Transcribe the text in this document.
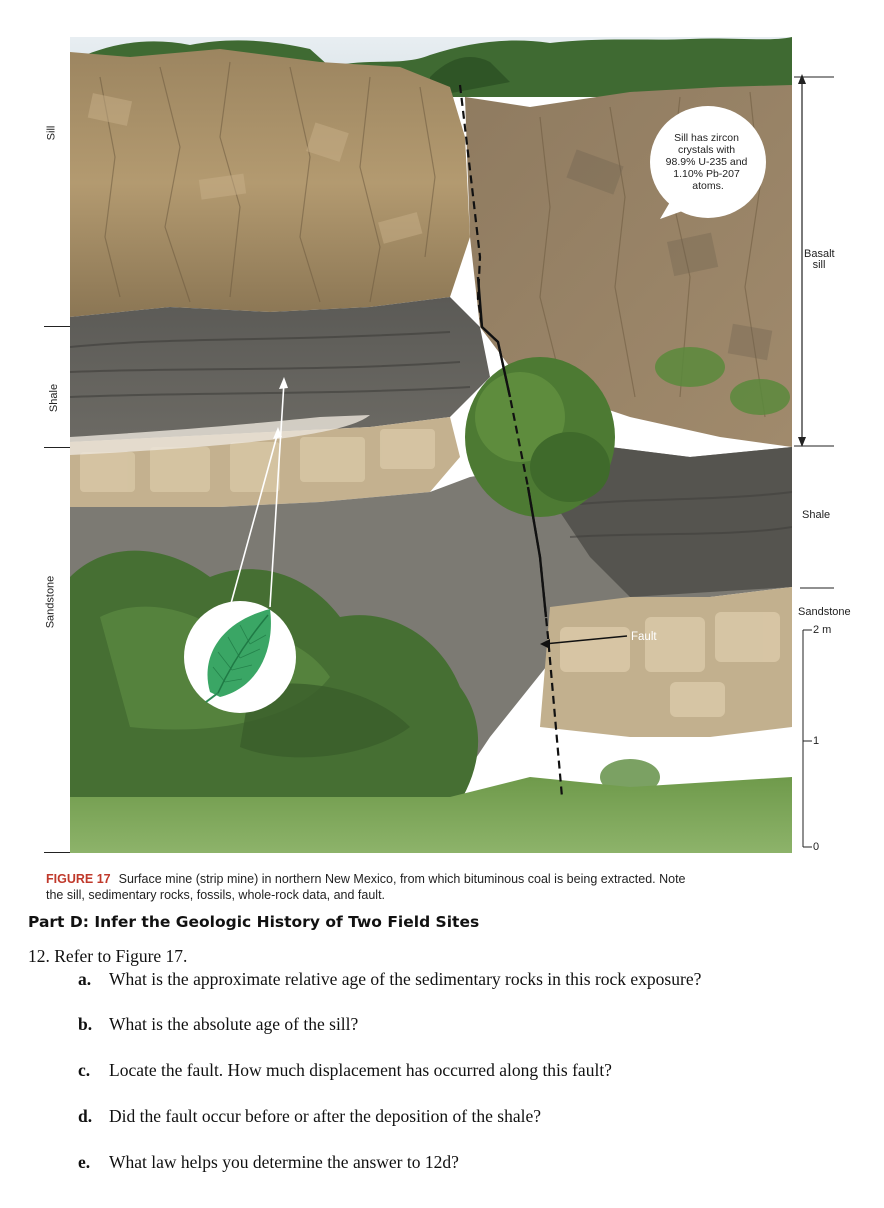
Sill has zircon crystals with 98.9% U-235 and 1.10% Pb-207 atoms.
Fault
Sill
Shale
Sandstone
Basalt sill
Shale
Sandstone
2 m
1
0
FIGURE 17 Surface mine (strip mine) in northern New Mexico, from which bituminous coal is being extracted. Note the sill, sedimentary rocks, fossils, whole-rock data, and fault.
Part D: Infer the Geologic History of Two Field Sites
12. Refer to Figure 17.
a. What is the approximate relative age of the sedimentary rocks in this rock exposure?
b. What is the absolute age of the sill?
c. Locate the fault. How much displacement has occurred along this fault?
d. Did the fault occur before or after the deposition of the shale?
e. What law helps you determine the answer to 12d?
